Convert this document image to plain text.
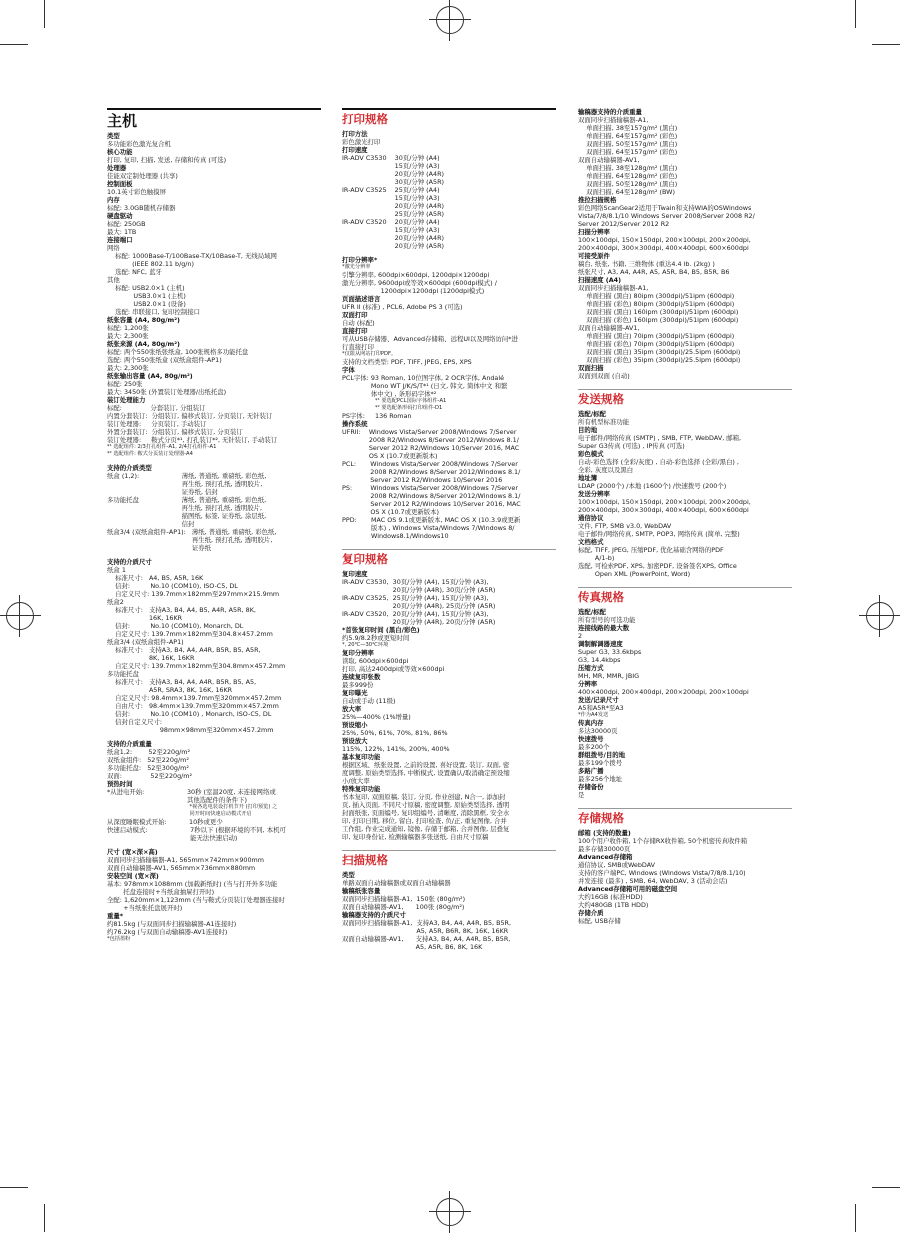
主机
类型
多功能彩色激光复合机
核心功能
打印, 复印, 扫描, 发送, 存储和传真 (可选)
处理器
佳能双定制处理器 (共享)
控制面板
10.1英寸彩色触摸屏
内存
标配: 3.0GB随机存储器
硬盘驱动
标配: 250GB
最大: 1TB
连接端口
网络
标配: 1000Base-T/100Base-TX/10Base-T, 无线局域网
(IEEE 802.11 b/g/n)
选配: NFC, 蓝牙
其他
标配: USB2.0×1 (主机)
USB3.0×1 (主机)
USB2.0×1 (设备)
选配: 串联接口, 复印控制接口
纸张容量 (A4, 80g/m²)
标配: 1,200张
最大: 2,300张
纸张来源 (A4, 80g/m²)
标配: 两个550张纸张纸盒, 100张规格多功能托盘
选配: 两个550张纸盒 (双纸盒组件-AP1)
最大: 2,300张
纸张输出容量 (A4, 80g/m²)
标配: 250张
最大: 3450张 (外置装订处理器/出纸托盘)
装订处理能力
标配: 分套装订, 分组装订
内置分套装订: 分组装订, 偏移式装订, 分页装订, 无针装订
装订处理器: 分页装订, 手动装订
外置分套装订: 分组装订, 偏移式装订, 分页装订
装订处理器: 鞍式分页*¹, 打孔装订*², 无针装订, 手动装订
*¹ 选配组件: 2/3打孔组件-A1, 2/4打孔组件-A1
*² 选配组件: 鞍式分页装订处理器-A4
支持的介质类型
纸盒 (1,2): 薄纸, 普通纸, 重磅纸, 彩色纸,
再生纸, 预打孔纸, 透明胶片,
证券纸, 信封
多功能托盘 薄纸, 普通纸, 重磅纸, 彩色纸,
再生纸, 预打孔纸, 透明胶片,
描图纸, 标签, 证券纸, 涂层纸,
信封
纸盒3/4 (双纸盒组件-AP1): 薄纸, 普通纸, 重磅纸, 彩色纸,
再生纸, 预打孔纸, 透明胶片,
证券纸
支持的介质尺寸
纸盒 1
标准尺寸: A4, B5, A5R, 16K
信封: No.10 (COM10), ISO-C5, DL
自定义尺寸: 139.7mm×182mm至297mm×215.9mm
纸盒2
标准尺寸: 支持A3, B4, A4, B5, A4R, A5R, 8K,
16K, 16KR
信封: No.10 (COM10), Monarch, DL
自定义尺寸: 139.7mm×182mm至304.8×457.2mm
纸盒3/4 (双纸盒组件-AP1)
标准尺寸: 支持A3, B4, A4, A4R, B5R, B5, A5R,
8K, 16K, 16KR
自定义尺寸: 139.7mm×182mm至304.8mm×457.2mm
多功能托盘
标准尺寸: 支持A3, B4, A4, A4R, B5R, B5, A5,
A5R, SRA3, 8K, 16K, 16KR
自定义尺寸: 98.4mm×139.7mm至320mm×457.2mm
自由尺寸: 98.4mm×139.7mm至320mm×457.2mm
信封: No.10 (COM10) , Monarch, ISO-C5, DL
信封自定义尺寸:
98mm×98mm至320mm×457.2mm
支持的介质重量
纸盒1,2: 52至220g/m²
双纸盒组件: 52至220g/m²
多功能托盘: 52至300g/m²
双面: 52至220g/m²
预热时间
*从进电开始: 30秒 (室温20度, 未连接网络或
其他选配件的条件下)
*视各选电装设打机节开 (打印预览) 之
同开时间快速启动模式开启
从深度睡眠模式开始: 10秒或更少
快速启动模式: 7秒以下 (根据环境的不同, 本机可
能无法快速启动)
尺寸 (宽×深×高)
双面同步扫描输稿器-A1, 565mm×742mm×900mm
双面自动输稿器-AV1, 565mm×736mm×880mm
安装空间 (宽×深)
基本: 978mm×1088mm (加载新纸时) (当与打开外多功能
托盘连接时+当纸盒抽屉打开时)
全配: 1,620mm×1,123mm (当与鞍式分页装订处理器连接时
+当纸张托盘展开时)
重量*
约81.5kg (与双面同步扫描输稿器-A1连接时)
约76.2kg (与双面自动输稿器-AV1连接时)
*包括墨粉
打印规格
打印方法
彩色激光打印
打印速度
IR-ADV C3530 30页/分钟 (A4)
15页/分钟 (A3)
20页/分钟 (A4R)
30页/分钟 (A5R)
IR-ADV C3525 25页/分钟 (A4)
15页/分钟 (A3)
20页/分钟 (A4R)
25页/分钟 (A5R)
IR-ADV C3520 20页/分钟 (A4)
15页/分钟 (A3)
20页/分钟 (A4R)
20页/分钟 (A5R)
打印分辨率*
*激光分辨率
引擎分辨率, 600dpi×600dpi, 1200dpi×1200dpi
激光分辨率, 9600dpi或等效×600dpi (600dpi模式) /
1200dpi×1200dpi (1200dpi模式)
页面描述语言
UFR II (标准) , PCL6, Adobe PS 3 (可选)
双面打印
自动 (标配)
直接打印
可从USB存储器、Advanced存储箱、远程UI以及网络访问*进
行直接打印
*仅限从网站打印PDF。
支持的文档类型: PDF, TIFF, JPEG, EPS, XPS
字体
PCL字体: 93 Roman, 10位图字体, 2 OCR字体, Andalé
Mono WT J/K/S/T*¹ (日文, 韩文, 简体中文 和繁
体中文) , 条形码字体*²
*¹ 要选配PCL国际字体组件-A1
*² 要选配条形码打印组件-D1
PS字体: 136 Roman
操作系统
UFRII: Windows Vista/Server 2008/Windows 7/Server
2008 R2/Windows 8/Server 2012/Windows 8.1/
Server 2012 R2/Windows 10/Server 2016, MAC
OS X (10.7或更新版本)
PCL: Windows Vista/Server 2008/Windows 7/Server
2008 R2/Windows 8/Server 2012/Windows 8.1/
Server 2012 R2/Windows 10/Server 2016
PS: Windows Vista/Server 2008/Windows 7/Server
2008 R2/Windows 8/Server 2012/Windows 8.1/
Server 2012 R2/Windows 10/Server 2016, MAC
OS X (10.7或更新版本)
PPD: MAC OS 9.1或更新版本, MAC OS X (10.3.9或更新
版本) , Windows Vista/Windows 7/Windows 8/
Windows8.1/Windows10
复印规格
复印速度
IR-ADV C3530, 30页/分钟 (A4), 15页/分钟 (A3),
20页/分钟 (A4R), 30页/分钟 (A5R)
IR-ADV C3525, 25页/分钟 (A4), 15页/分钟 (A3),
20页/分钟 (A4R), 25页/分钟 (A5R)
IR-ADV C3520, 20页/分钟 (A4), 15页/分钟 (A3),
20页/分钟 (A4R), 20页/分钟 (A5R)
*首张复印时间 (黑白/彩色)
约5.9/8.2秒或更短时间
*, 20℃—30℃环境
复印分辨率
读取, 600dpi×600dpi
打印, 高达2400dpi或等效×600dpi
连续复印张数
最多999份
复印曝光
自动或手动 (11级)
放大率
25%—400% (1%增量)
预设缩小
25%, 50%, 61%, 70%, 81%, 86%
预设放大
115%, 122%, 141%, 200%, 400%
基本复印功能
根据区域、纸张设置, 之前的设置, 喜好设置, 装订, 双面, 密
度调整, 原始类型选择, 中断模式, 设置确认/取消确定预设缩
小/放大率
特殊复印功能
书本复印, 双面原稿, 装订, 分页, 作业创建, N合一, 添加封
页, 插入页面, 不同尺寸原稿, 密度调整, 原始类型选择, 透明
封面纸张, 页面编号, 复印组编号, 清晰度, 消除黑框, 安全水
印, 打印日期, 移位, 留白, 打印检查, 负/正, 重复图像, 合并
工作组, 作业完成通知, 镜像, 存储于邮箱, 合并图像, 层叠复
印, 复印身份证, 检测输稿器多张送纸, 自由尺寸原稿
扫描规格
类型
单路双面自动输稿器或双面自动输稿器
输稿纸张容量
双面同步扫描输稿器-A1, 150张 (80g/m²)
双面自动输稿器-AV1, 100张 (80g/m²)
输稿器支持的介质尺寸
双面同步扫描输稿器-A1, 支持A3, B4, A4, A4R, B5, B5R,
A5, A5R, B6R, 8K, 16K, 16KR
双面自动输稿器-AV1, 支持A3, B4, A4, A4R, B5, B5R,
A5, A5R, B6, 8K, 16K
输稿器支持的介质重量
双面同步扫描输稿器-A1,
单面扫描, 38至157g/m² (黑白)
单面扫描, 64至157g/m² (彩色)
双面扫描, 50至157g/m² (黑白)
双面扫描, 64至157g/m² (彩色)
双面自动输稿器-AV1,
单面扫描, 38至128g/m² (黑白)
单面扫描, 64至128g/m² (彩色)
双面扫描, 50至128g/m² (黑白)
双面扫描, 64至128g/m² (BW)
推拉扫描规格
彩色网络ScanGear2适用于Twain和支持WIA的OSWindows
Vista/7/8/8.1/10 Windows Server 2008/Server 2008 R2/
Server 2012/Server 2012 R2
扫描分辨率
100×100dpi, 150×150dpi, 200×100dpi, 200×200dpi,
200×400dpi, 300×300dpi, 400×400dpi, 600×600dpi
可接受原件
稿台, 纸张, 书籍, 三维物体 (重达4.4 lb. (2kg) )
纸张尺寸, A3, A4, A4R, A5, A5R, B4, B5, B5R, B6
扫描速度 (A4)
双面同步扫描输稿器-A1,
单面扫描 (黑白) 80ipm (300dpi)/51ipm (600dpi)
单面扫描 (彩色) 80ipm (300dpi)/51ipm (600dpi)
双面扫描 (黑白) 160ipm (300dpi)/51ipm (600dpi)
双面扫描 (彩色) 160ipm (300dpi)/51ipm (600dpi)
双面自动输稿器-AV1,
单面扫描 (黑白) 70ipm (300dpi)/51ipm (600dpi)
单面扫描 (彩色) 70ipm (300dpi)/51ipm (600dpi)
双面扫描 (黑白) 35ipm (300dpi)/25.5ipm (600dpi)
双面扫描 (彩色) 35ipm (300dpi)/25.5ipm (600dpi)
双面扫描
双面到双面 (自动)
发送规格
选配/标配
所有机型标准功能
目的地
电子邮件/网络传真 (SMTP) , SMB, FTP, WebDAV, 邮箱,
Super G3传真 (可选) , IP传真 (可选)
彩色模式
自动-彩色选择 (全彩/灰度) , 自动-彩色选择 (全彩/黑白) ,
全彩, 灰度以及黑白
地址簿
LDAP (2000个) /本地 (1600个) /快速拨号 (200个)
发送分辨率
100×100dpi, 150×150dpi, 200×100dpi, 200×200dpi,
200×400dpi, 300×300dpi, 400×400dpi, 600×600dpi
通信协议
文件, FTP, SMB v3.0, WebDAV
电子邮件/网络传真, SMTP, POP3, 网络传真 (简单, 完整)
文档格式
标配, TIFF, JPEG, 压缩PDF, 优化基础含网络的PDF
A/1-b)
选配, 可检索PDF, XPS, 加密PDF, 设备签名XPS, Office
Open XML (PowerPoint, Word)
传真规格
选配/标配
所有型号的可选功能
连接线路的最大数
2
调制解调器速度
Super G3, 33.6kbps
G3, 14.4kbps
压缩方式
MH, MR, MMR, JBIG
分辨率
400×400dpi, 200×400dpi, 200×200dpi, 200×100dpi
发送/记录尺寸
A5和A5R*至A3
*作为A4发送
传真内存
多达30000页
快速拨号
最多200个
群组拨号/目的地
最多199个拨号
多路广播
最多256个地址
存储备份
是
存储规格
邮箱 (支持的数量)
100个用户收件箱, 1个存储RX收件箱, 50个机密传真收件箱
最多存储30000页
Advanced存储箱
通信协议, SMB或WebDAV
支持的客户端PC, Windows (Windows Vista/7/8/8.1/10)
并发连接 (最多) , SMB, 64, WebDAV, 3 (活动会话)
Advanced存储箱可用的磁盘空间
大约16GB (标准HDD)
大约480GB (1TB HDD)
存储介质
标配, USB存储
